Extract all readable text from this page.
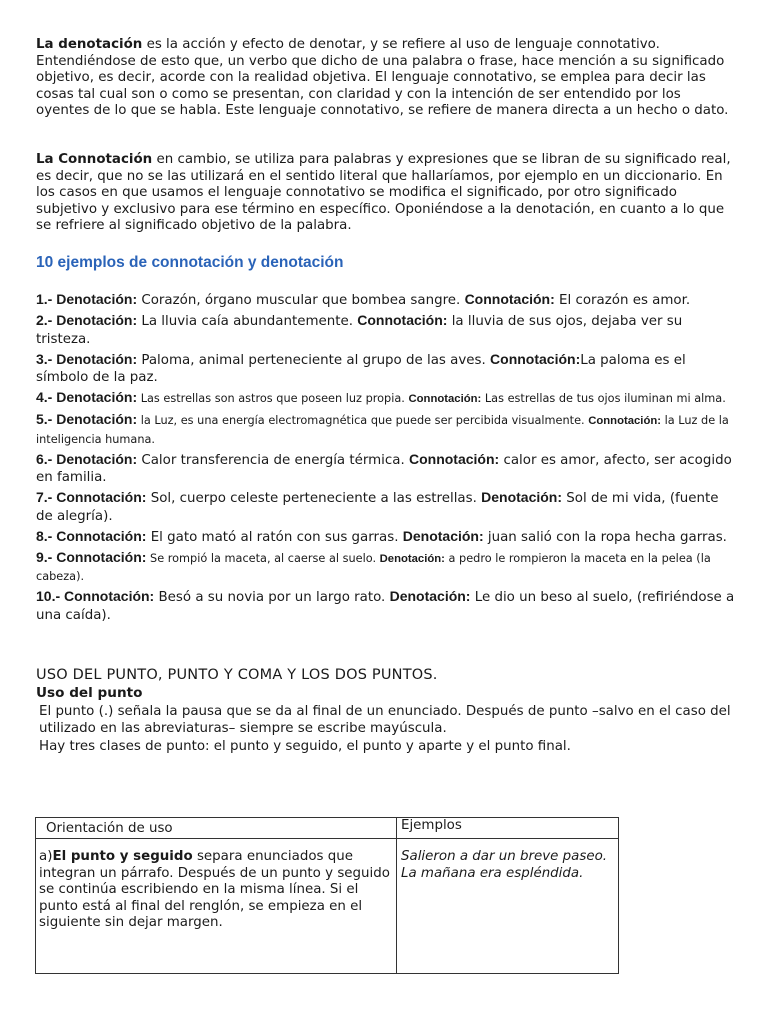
La denotación es la acción y efecto de denotar, y se refiere al uso de lenguaje connotativo. Entendiéndose de esto que, un verbo que dicho de una palabra o frase, hace mención a su significado objetivo, es decir, acorde con la realidad objetiva. El lenguaje connotativo, se emplea para decir las cosas tal cual son o como se presentan, con claridad y con la intención de ser entendido por los oyentes de lo que se habla. Este lenguaje connotativo, se refiere de manera directa a un hecho o dato.

La Connotación en cambio, se utiliza para palabras y expresiones que se libran de su significado real, es decir, que no se las utilizará en el sentido literal que hallaríamos, por ejemplo en un diccionario. En los casos en que usamos el lenguaje connotativo se modifica el significado, por otro significado subjetivo y exclusivo para ese término en específico. Oponiéndose a la denotación, en cuanto a lo que se refriere al significado objetivo de la palabra.

10 ejemplos de connotación y denotación

1.- Denotación: Corazón, órgano muscular que bombea sangre. Connotación: El corazón es amor.

2.- Denotación: La lluvia caía abundantemente. Connotación: la lluvia de sus ojos, dejaba ver su tristeza.

3.- Denotación: Paloma, animal perteneciente al grupo de las aves. Connotación:La paloma es el símbolo de la paz.

4.- Denotación: Las estrellas son astros que poseen luz propia. Connotación: Las estrellas de tus ojos iluminan mi alma.

5.- Denotación: la Luz, es una energía electromagnética que puede ser percibida visualmente. Connotación: la Luz de la inteligencia humana.

6.- Denotación: Calor transferencia de energía térmica. Connotación: calor es amor, afecto, ser acogido en familia.

7.- Connotación: Sol, cuerpo celeste perteneciente a las estrellas. Denotación: Sol de mi vida, (fuente de alegría).

8.- Connotación: El gato mató al ratón con sus garras. Denotación: juan salió con la ropa hecha garras.

9.- Connotación: Se rompió la maceta, al caerse al suelo. Denotación: a pedro le rompieron la maceta en la pelea (la cabeza).

10.- Connotación: Besó a su novia por un largo rato. Denotación: Le dio un beso al suelo, (refiriéndose a una caída).

USO DEL PUNTO, PUNTO Y COMA Y LOS DOS PUNTOS.
Uso del punto

El punto (.) señala la pausa que se da al final de un enunciado. Después de punto –salvo en el caso del utilizado en las abreviaturas– siempre se escribe mayúscula.

Hay tres clases de punto: el punto y seguido, el punto y aparte y el punto final.

Orientación de uso	Ejemplos
a)El punto y seguido separa enunciados que integran un párrafo. Después de un punto y seguido se continúa escribiendo en la misma línea. Si el punto está al final del renglón, se empieza en el siguiente sin dejar margen.	Salieron a dar un breve paseo.
La mañana era espléndida.
